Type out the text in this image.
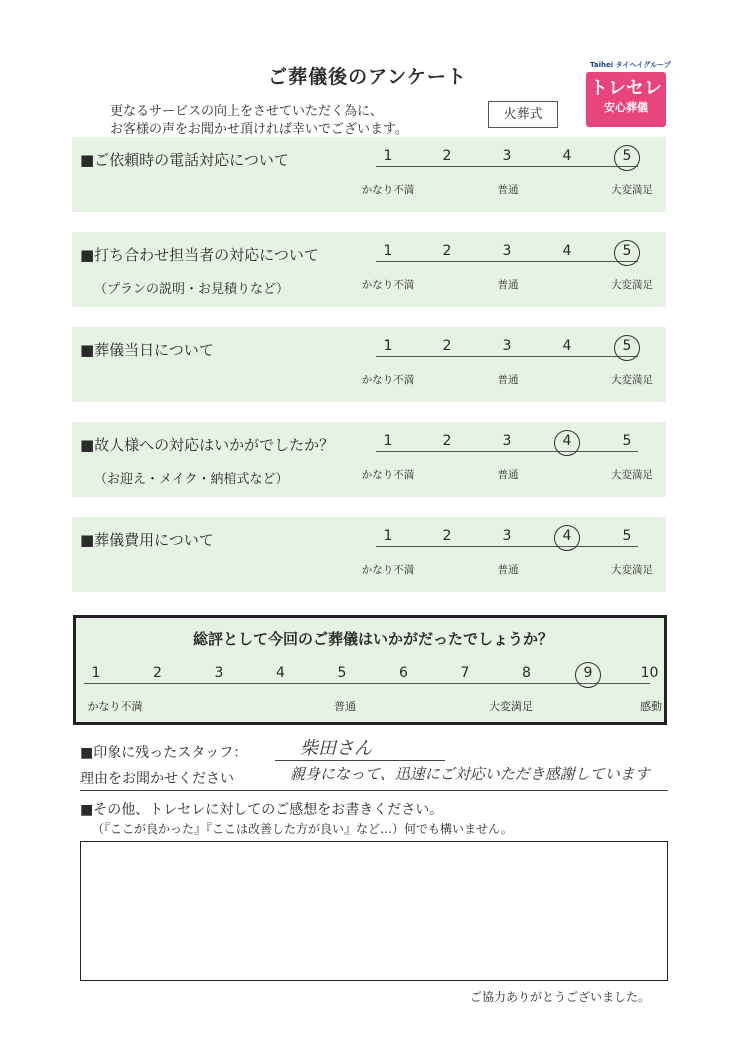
ご葬儀後のアンケート
更なるサービスの向上をさせていただく為に、
お客様の声をお聞かせ頂ければ幸いでございます。
火葬式
Taihei タイヘイグループ
トレセレ
安心葬儀
■ご依頼時の電話対応について	1	2	3	4	5
かなり不満	普通	大変満足
■打ち合わせ担当者の対応について
（プランの説明・お見積りなど）
1	2	3	4	5
かなり不満	普通	大変満足
■葬儀当日について	1	2	3	4	5
かなり不満	普通	大変満足
■故人様への対応はいかがでしたか？
（お迎え・メイク・納棺式など）
1	2	3	4	5
かなり不満	普通	大変満足
■葬儀費用について	1	2	3	4	5
かなり不満	普通	大変満足
総評として今回のご葬儀はいかがだったでしょうか？
1	2	3	4	5	6	7	8	9	10
かなり不満	普通	大変満足	感動
■印象に残ったスタッフ：	柴田さん
理由をお聞かせください	親身になって、迅速にご対応いただき感謝しています
■その他、トレセレに対してのご感想をお書きください。
（『ここが良かった』『ここは改善した方が良い』など…）何でも構いません。
ご協力ありがとうございました。
